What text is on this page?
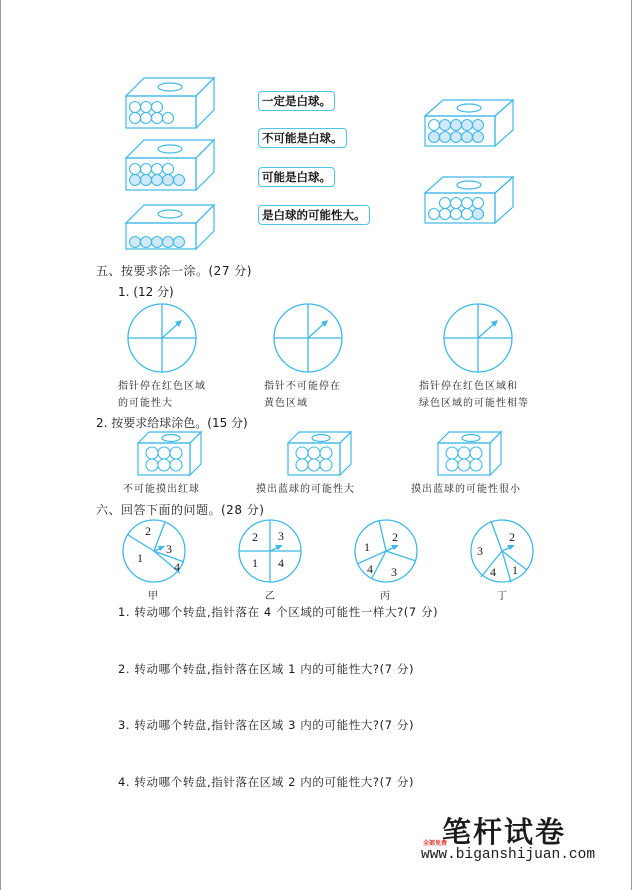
一定是白球。
不可能是白球。
可能是白球。
是白球的可能性大。
五、按要求涂一涂。(27 分)
1. (12 分)
指针停在红色区域
的可能性大
指针不可能停在
黄色区域
指针停在红色区域和
绿色区域的可能性相等
2. 按要求给球涂色。(15 分)
不可能摸出红球	摸出蓝球的可能性大	摸出蓝球的可能性很小
六、回答下面的问题。(28 分)
2
3
1
4
甲
2 3
1 4
乙
1
2
4 3
丙
3
2
4 1
丁
1. 转动哪个转盘,指针落在 4 个区域的可能性一样大?(7 分)
2. 转动哪个转盘,指针落在区域 1 内的可能性大?(7 分)
3. 转动哪个转盘,指针落在区域 3 内的可能性大?(7 分)
4. 转动哪个转盘,指针落在区域 2 内的可能性大?(7 分)
笔杆试卷
全部免费
www.biganshijuan.com
